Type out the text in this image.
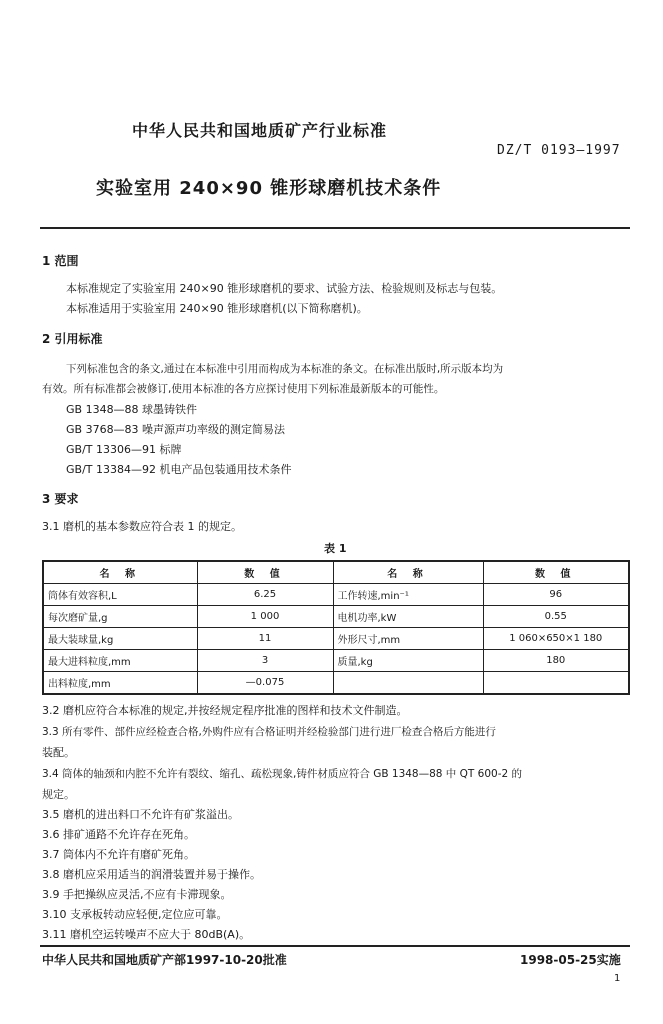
中华人民共和国地质矿产行业标准
DZ/T 0193—1997
实验室用 240×90 锥形球磨机技术条件
1 范围
本标准规定了实验室用 240×90 锥形球磨机的要求、试验方法、检验规则及标志与包装。
本标准适用于实验室用 240×90 锥形球磨机(以下简称磨机)。
2 引用标准
下列标准包含的条文,通过在本标准中引用而构成为本标准的条文。在标准出版时,所示版本均为
有效。所有标准都会被修订,使用本标准的各方应探讨使用下列标准最新版本的可能性。
GB 1348—88 球墨铸铁件
GB 3768—83 噪声源声功率级的测定简易法
GB/T 13306—91 标牌
GB/T 13384—92 机电产品包装通用技术条件
3 要求
3.1 磨机的基本参数应符合表 1 的规定。
表 1
名 称	数 值	名 称	数 值
筒体有效容积,L	6.25	工作转速,min⁻¹	96
每次磨矿量,g	1 000	电机功率,kW	0.55
最大装球量,kg	11	外形尺寸,mm	1 060×650×1 180
最大进料粒度,mm	3	质量,kg	180
出料粒度,mm	—0.075		
3.2 磨机应符合本标准的规定,并按经规定程序批准的图样和技术文件制造。
3.3 所有零件、部件应经检查合格,外购件应有合格证明并经检验部门进行进厂检查合格后方能进行
装配。
3.4 筒体的轴颈和内腔不允许有裂纹、缩孔、疏松现象,铸件材质应符合 GB 1348—88 中 QT 600-2 的
规定。
3.5 磨机的进出料口不允许有矿浆溢出。
3.6 排矿通路不允许存在死角。
3.7 筒体内不允许有磨矿死角。
3.8 磨机应采用适当的润滑装置并易于操作。
3.9 手把操纵应灵活,不应有卡滞现象。
3.10 支承板转动应轻便,定位应可靠。
3.11 磨机空运转噪声不应大于 80dB(A)。
中华人民共和国地质矿产部1997-10-20批准	1998-05-25实施
1
